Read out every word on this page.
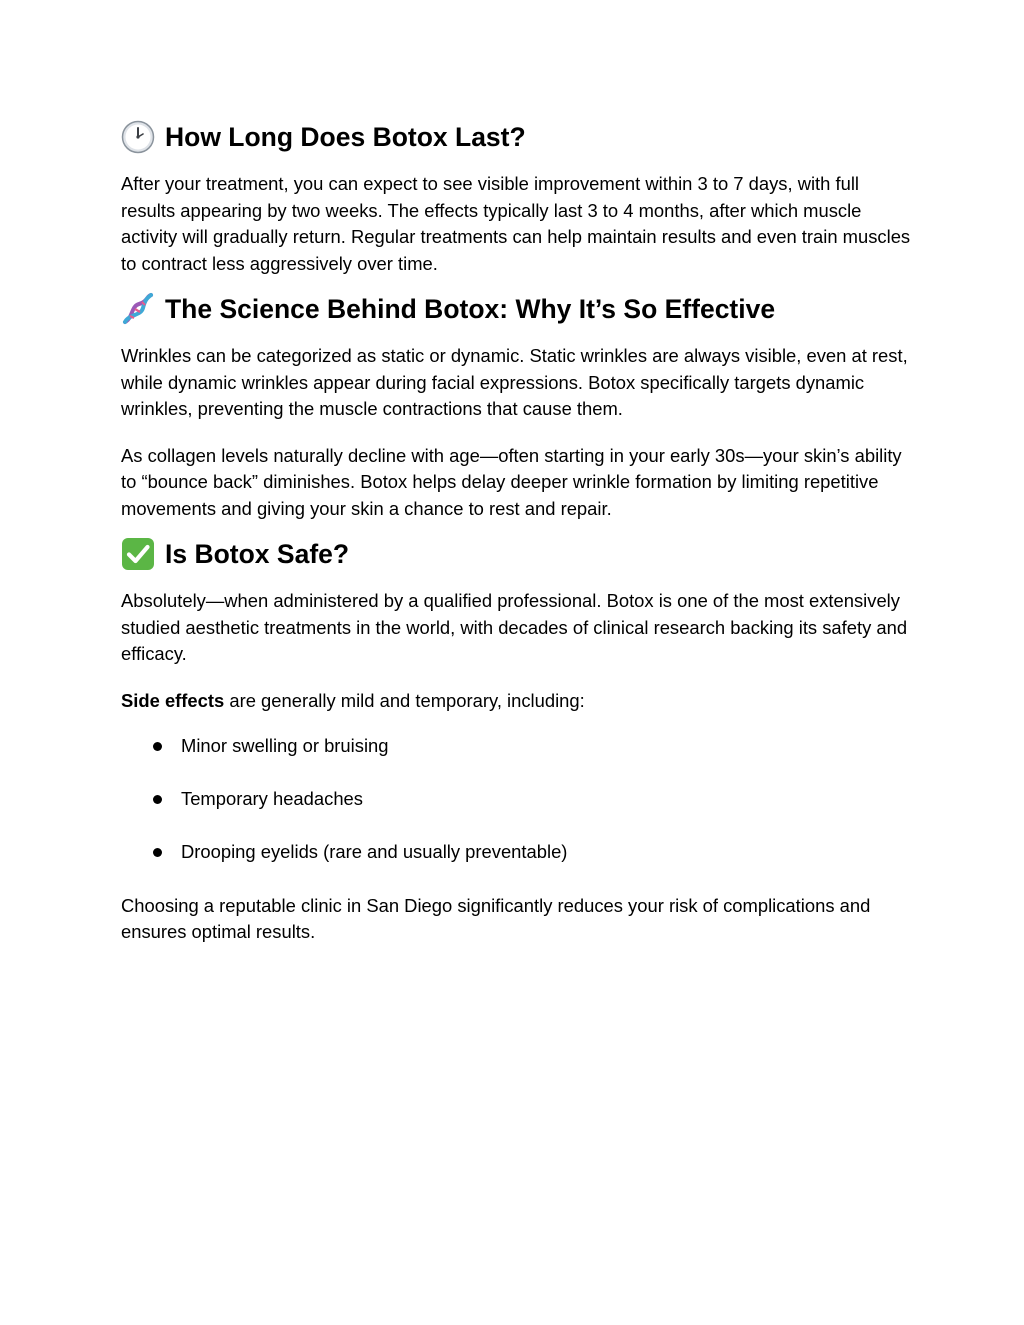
How Long Does Botox Last?

After your treatment, you can expect to see visible improvement within 3 to 7 days, with full results appearing by two weeks. The effects typically last 3 to 4 months, after which muscle activity will gradually return. Regular treatments can help maintain results and even train muscles to contract less aggressively over time.

The Science Behind Botox: Why It’s So Effective

Wrinkles can be categorized as static or dynamic. Static wrinkles are always visible, even at rest, while dynamic wrinkles appear during facial expressions. Botox specifically targets dynamic wrinkles, preventing the muscle contractions that cause them.

As collagen levels naturally decline with age—often starting in your early 30s—your skin’s ability to “bounce back” diminishes. Botox helps delay deeper wrinkle formation by limiting repetitive movements and giving your skin a chance to rest and repair.

Is Botox Safe?

Absolutely—when administered by a qualified professional. Botox is one of the most extensively studied aesthetic treatments in the world, with decades of clinical research backing its safety and efficacy.

Side effects are generally mild and temporary, including:

Minor swelling or bruising
Temporary headaches
Drooping eyelids (rare and usually preventable)

Choosing a reputable clinic in San Diego significantly reduces your risk of complications and ensures optimal results.
